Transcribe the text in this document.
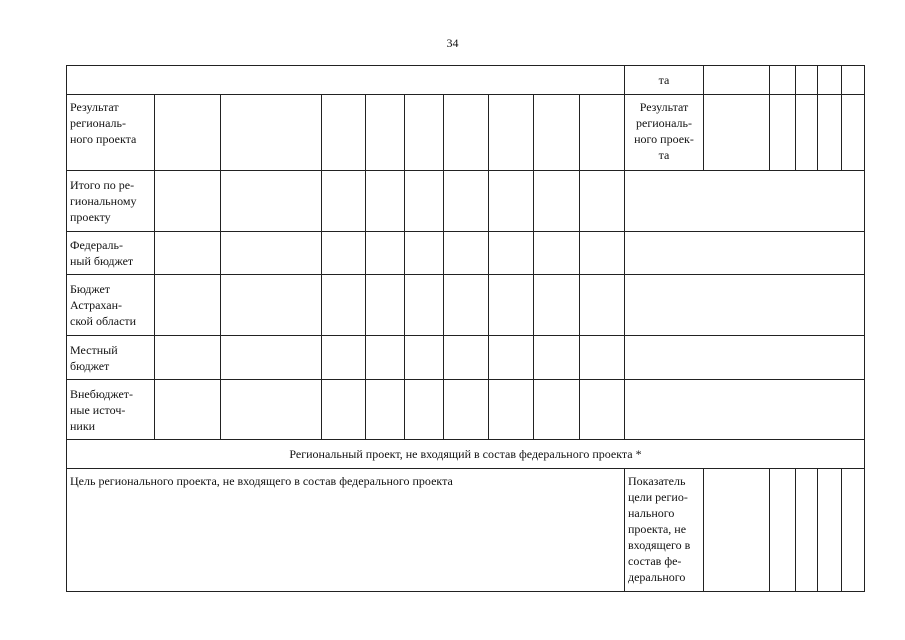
34
та
Результат
региональ-
ного проекта
Результат
региональ-
ного проек-
та
Итого по ре-
гиональному
проекту
Федераль-
ный бюджет
Бюджет
Астрахан-
ской области
Местный
бюджет
Внебюджет-
ные источ-
ники
Региональный проект, не входящий в состав федерального проекта *
Цель регионального проекта, не входящего в состав федерального проекта	Показатель
цели регио-
нального
проекта, не
входящего в
состав фе-
дерального
